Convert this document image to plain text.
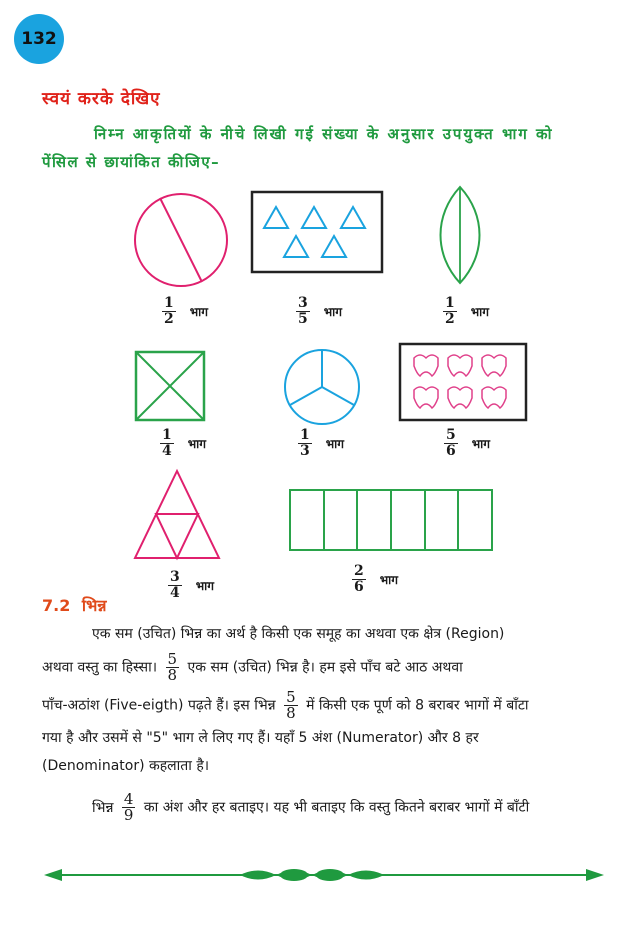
132
स्वयं करके देखिए
निम्न आकृतियों के नीचे लिखी गई संख्या के अनुसार उपयुक्त भाग को
पेंसिल से छायांकित कीजिए–
$\frac{1}{2}$ भाग	$\frac{3}{5}$ भाग	$\frac{1}{2}$ भाग
$\frac{1}{4}$ भाग	$\frac{1}{3}$ भाग	$\frac{5}{6}$ भाग
$\frac{3}{4}$ भाग	$\frac{2}{6}$ भाग
7.2 भिन्न
एक सम (उचित) भिन्न का अर्थ है किसी एक समूह का अथवा एक क्षेत्र (Region)
अथवा वस्तु का हिस्सा। $\frac{5}{8}$ एक सम (उचित) भिन्न है। हम इसे पाँच बटे आठ अथवा
पाँच-अठांश (Five-eigth) पढ़ते हैं। इस भिन्न $\frac{5}{8}$ में किसी एक पूर्ण को 8 बराबर भागों में बाँटा
गया है और उसमें से "5" भाग ले लिए गए हैं। यहाँ 5 अंश (Numerator) और 8 हर
(Denominator) कहलाता है।
भिन्न $\frac{4}{9}$ का अंश और हर बताइए। यह भी बताइए कि वस्तु कितने बराबर भागों में बाँटी
